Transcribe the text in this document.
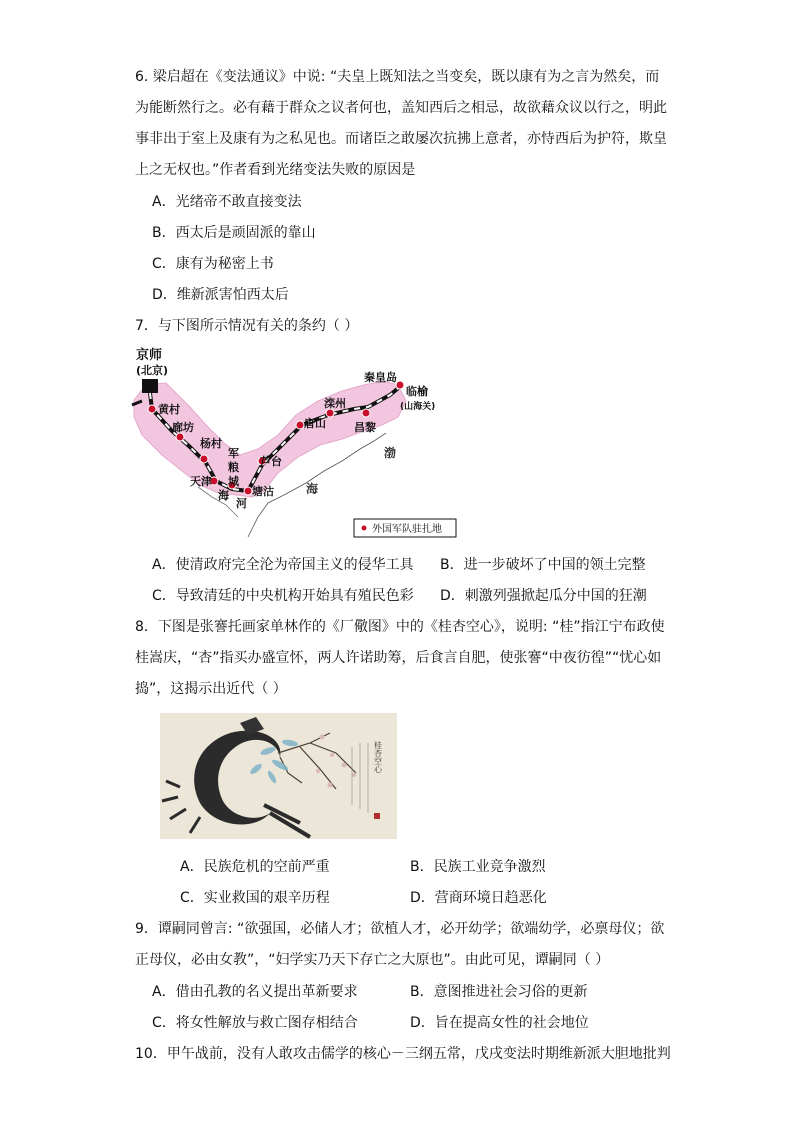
6. 梁启超在《变法通议》中说: “夫皇上既知法之当变矣，既以康有为之言为然矣，而
为能断然行之。必有藉于群众之议者何也，盖知西后之相忌，故欲藉众议以行之，明此
事非出于室上及康有为之私见也。而诸臣之敢屡次抗拂上意者，亦恃西后为护符，欺皇
上之无权也。”作者看到光绪变法失败的原因是
A．光绪帝不敢直接变法
B．西太后是顽固派的靠山
C．康有为秘密上书
D．维新派害怕西太后
7．与下图所示情况有关的条约（ ）
京师
(北京)
黄村
廊坊
杨村
军
粮
城
天津
海
河
塘沽
芦台
唐山
滦州
昌黎
秦皇岛
临榆
(山海关)
渤
海
外国军队驻扎地
A．使清政府完全沦为帝国主义的侵华工具 B．进一步破坏了中国的领土完整
C．导致清廷的中央机构开始具有殖民色彩 D．刺激列强掀起瓜分中国的狂潮
8．下图是张謇托画家单林作的《厂儆图》中的《桂杏空心》，说明: “桂”指江宁布政使
桂嵩庆，“杏”指买办盛宣怀，两人许诺助筹，后食言自肥，使张謇“中夜彷徨”“忧心如
捣”，这揭示出近代（ ）
桂杏空心
A．民族危机的空前严重	B．民族工业竞争激烈
C．实业救国的艰辛历程	D．营商环境日趋恶化
9．谭嗣同曾言: “欲强国，必储人才；欲植人才，必开幼学；欲端幼学，必禀母仪；欲
正母仪，必由女教”，“妇学实乃天下存亡之大原也”。由此可见，谭嗣同（ ）
A．借由孔教的名义提出革新要求	B．意图推进社会习俗的更新
C．将女性解放与救亡图存相结合	D．旨在提高女性的社会地位
10．甲午战前，没有人敢攻击儒学的核心－三纲五常，戊戌变法时期维新派大胆地批判
